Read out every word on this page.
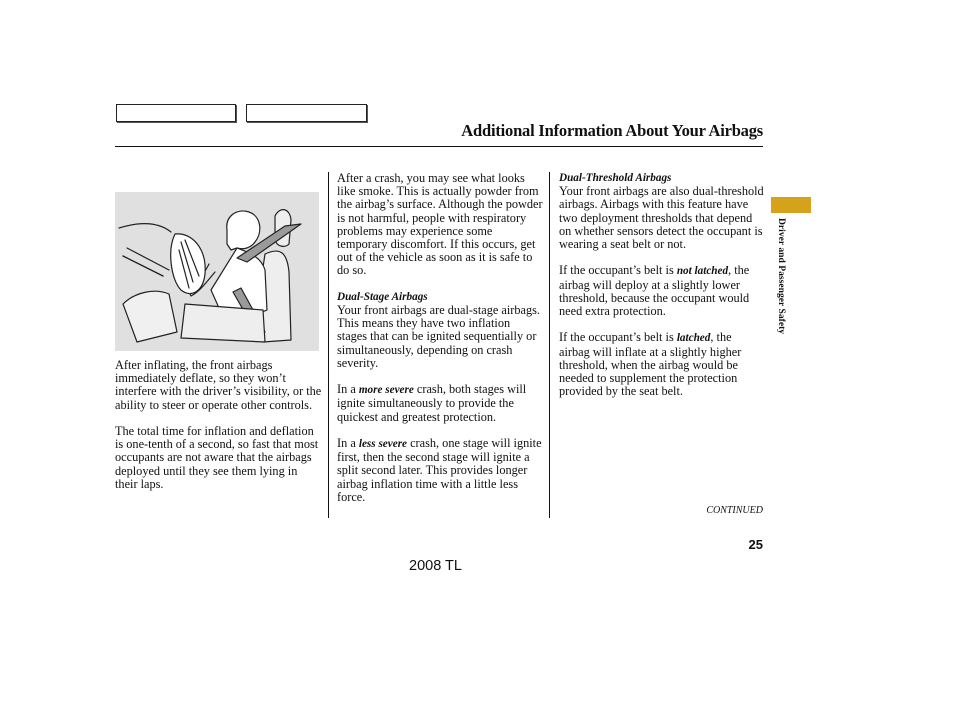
Additional Information About Your Airbags

After inflating, the front airbags immediately deflate, so they won’t interfere with the driver’s visibility, or the ability to steer or operate other controls.

The total time for inflation and deflation is one-tenth of a second, so fast that most occupants are not aware that the airbags deployed until they see them lying in their laps.

After a crash, you may see what looks like smoke. This is actually powder from the airbag’s surface. Although the powder is not harmful, people with respiratory problems may experience some temporary discomfort. If this occurs, get out of the vehicle as soon as it is safe to do so.

Dual-Stage Airbags

Your front airbags are dual-stage airbags. This means they have two inflation stages that can be ignited sequentially or simultaneously, depending on crash severity.

In a more severe crash, both stages will ignite simultaneously to provide the quickest and greatest protection.

In a less severe crash, one stage will ignite first, then the second stage will ignite a split second later. This provides longer airbag inflation time with a little less force.

Dual-Threshold Airbags

Your front airbags are also dual-threshold airbags. Airbags with this feature have two deployment thresholds that depend on whether sensors detect the occupant is wearing a seat belt or not.

If the occupant’s belt is not latched, the airbag will deploy at a slightly lower threshold, because the occupant would need extra protection.

If the occupant’s belt is latched, the airbag will inflate at a slightly higher threshold, when the airbag would be needed to supplement the protection provided by the seat belt.

Driver and Passenger Safety
CONTINUED
25
2008 TL
